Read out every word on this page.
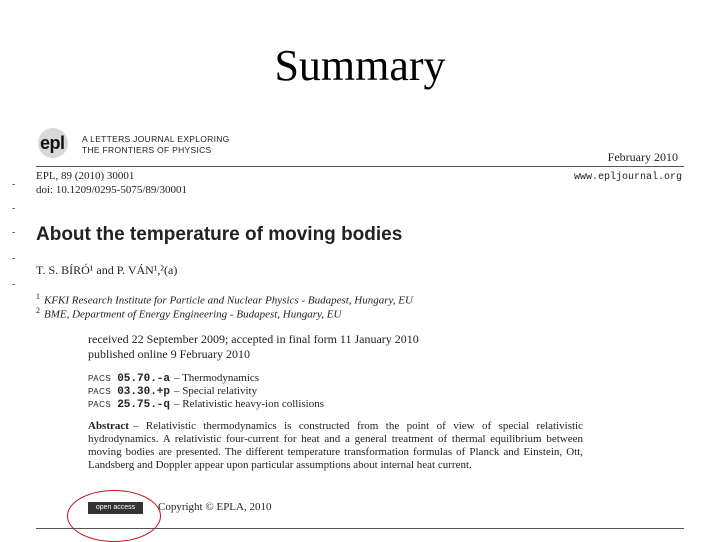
Summary
-
-
-
-
-
epl A LETTERS JOURNAL EXPLORING
THE FRONTIERS OF PHYSICS	February 2010
EPL, 89 (2010) 30001
doi: 10.1209/0295-5075/89/30001
www.epljournal.org
About the temperature of moving bodies
T. S. BÍRÓ¹ and P. VÁN¹,²(a)
$^1$ KFKI Research Institute for Particle and Nuclear Physics - Budapest, Hungary, EU
$^2$ BME, Department of Energy Engineering - Budapest, Hungary, EU
received 22 September 2009; accepted in final form 11 January 2010
published online 9 February 2010
PACS 05.70.-a – Thermodynamics
PACS 03.30.+p – Special relativity
PACS 25.75.-q – Relativistic heavy-ion collisions
Abstract – Relativistic thermodynamics is constructed from the point of view of special relativistic hydrodynamics. A relativistic four-current for heat and a general treatment of thermal equilibrium between moving bodies are presented. The different temperature transformation formulas of Planck and Einstein, Ott, Landsberg and Doppler appear upon particular assumptions about internal heat current.
open access	Copyright © EPLA, 2010
